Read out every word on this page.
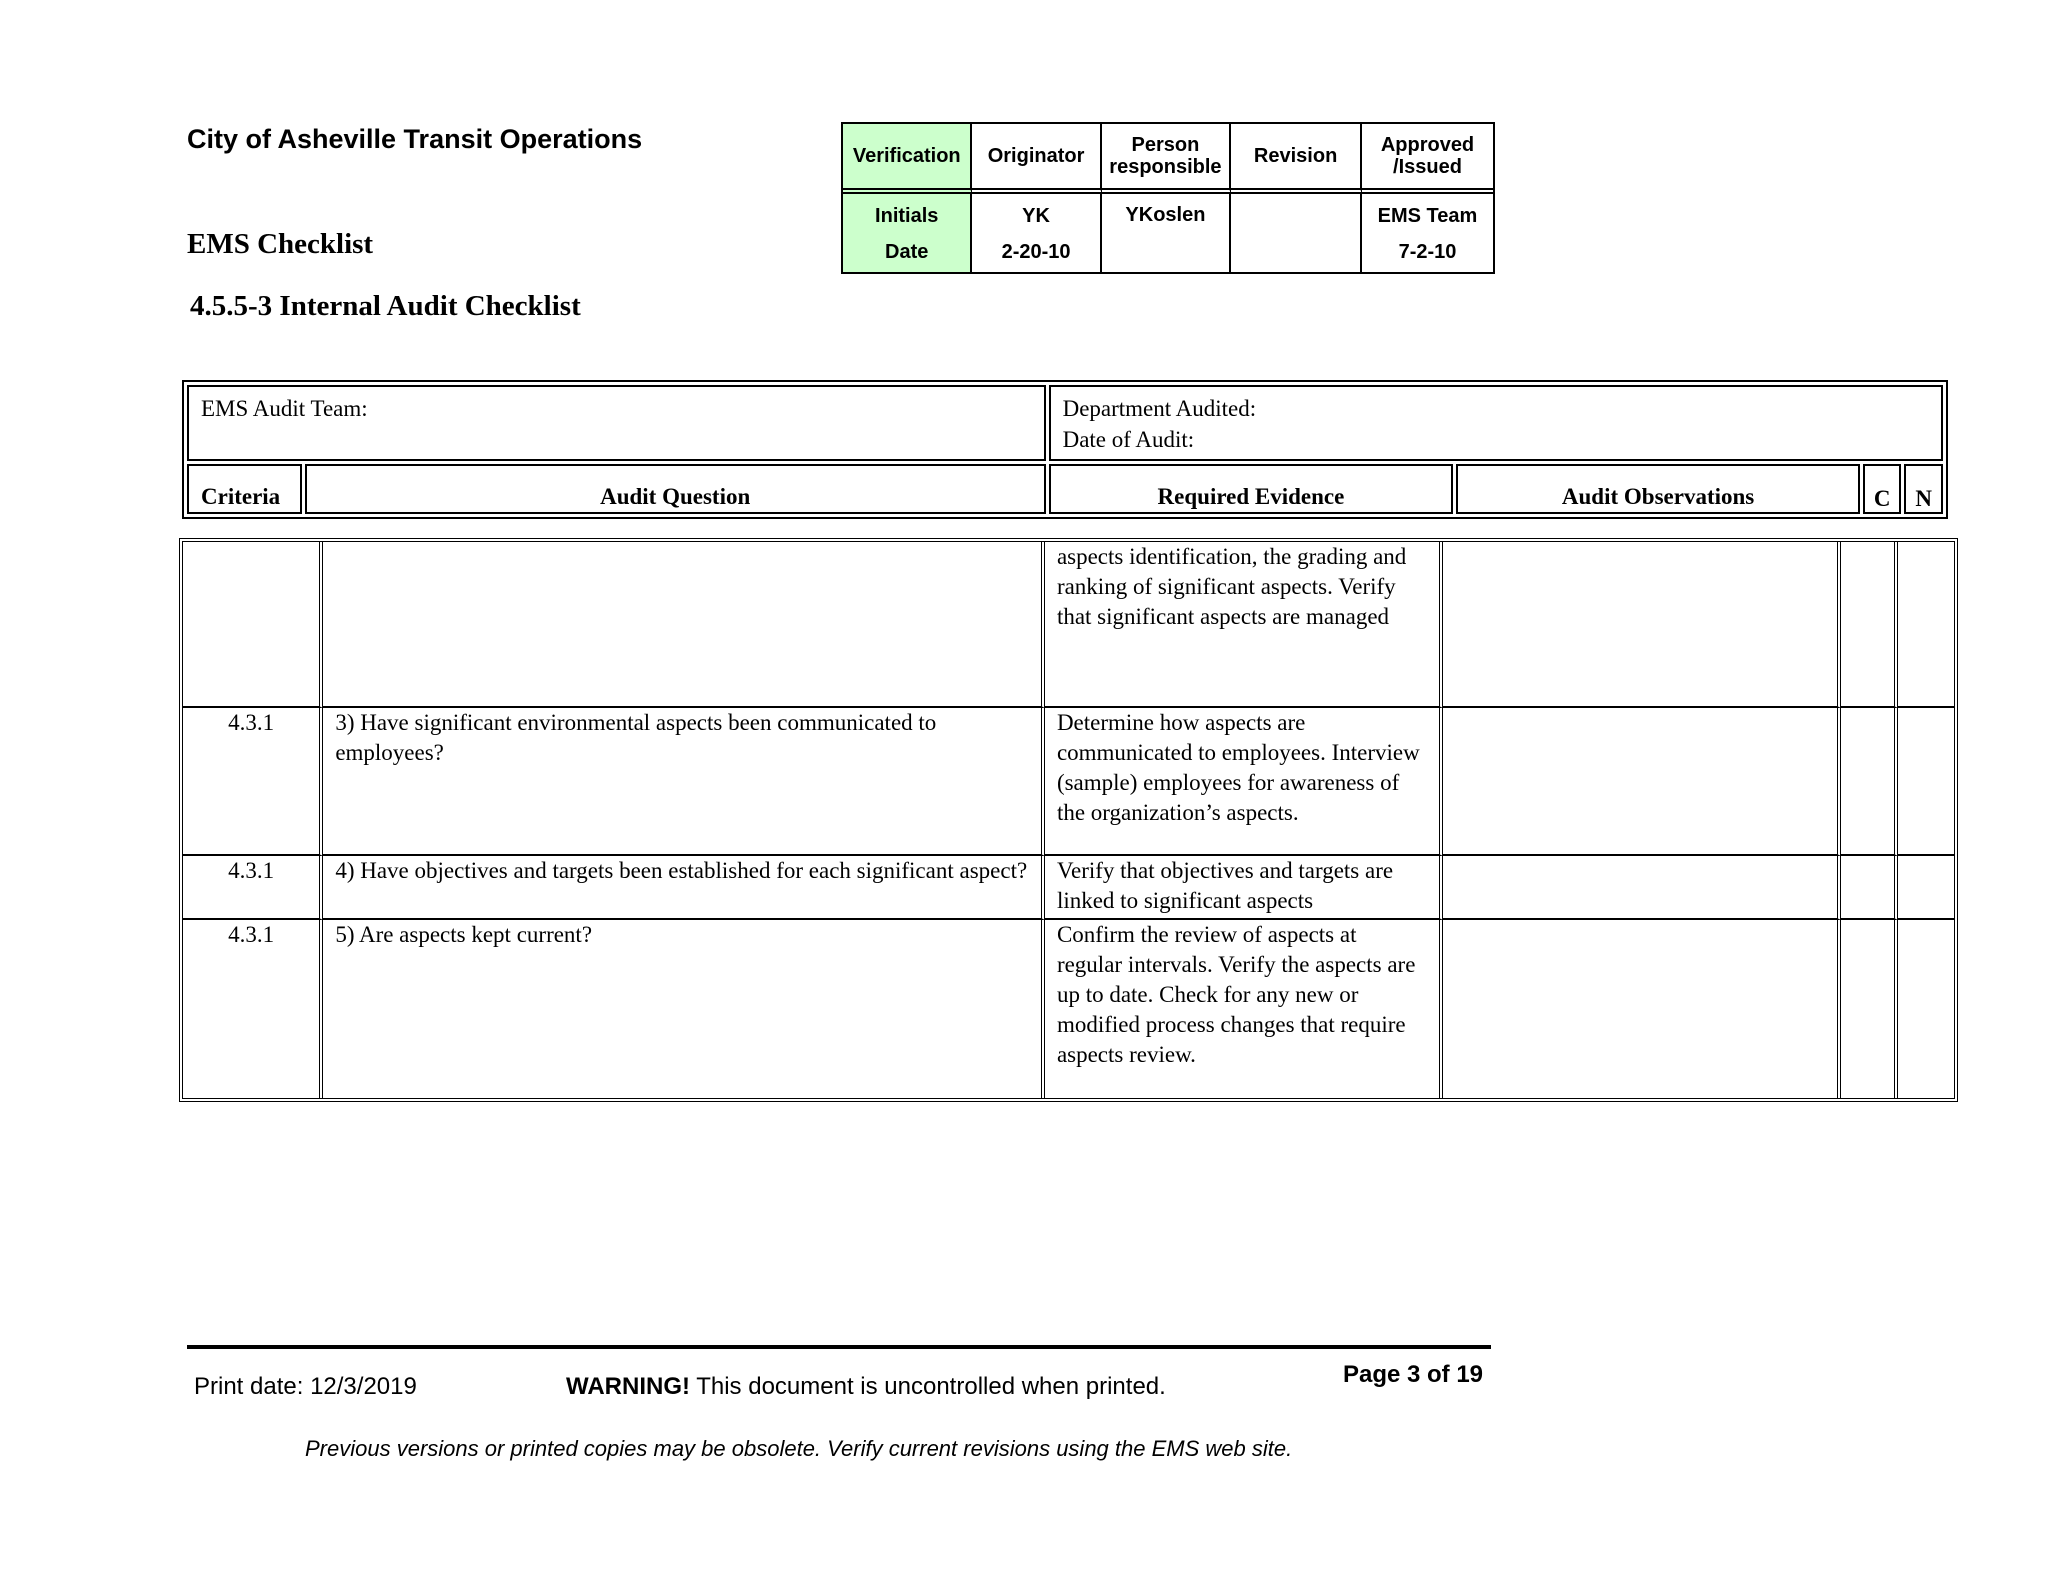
City of Asheville Transit Operations
EMS Checklist
4.5.5-3 Internal Audit Checklist
Verification	Originator	Person responsible	Revision	Approved /Issued
Initials	YK	YKoslen		EMS Team
Date	2-20-10			7-2-10
EMS Audit Team:		Department Audited:
Date of Audit:			

Criteria	Audit Question	Required Evidence	Audit Observations	C	N
		aspects identification, the grading and ranking of significant aspects. Verify that significant aspects are managed			
4.3.1	3) Have significant environmental aspects been communicated to employees?	Determine how aspects are communicated to employees. Interview (sample) employees for awareness of the organization’s aspects.			
4.3.1	4) Have objectives and targets been established for each significant aspect?	Verify that objectives and targets are linked to significant aspects			
4.3.1	5) Are aspects kept current?	Confirm the review of aspects at regular intervals. Verify the aspects are up to date. Check for any new or modified process changes that require aspects review.			
Print date: 12/3/2019	WARNING! This document is uncontrolled when printed.	Page 3 of 19
Previous versions or printed copies may be obsolete. Verify current revisions using the EMS web site.
